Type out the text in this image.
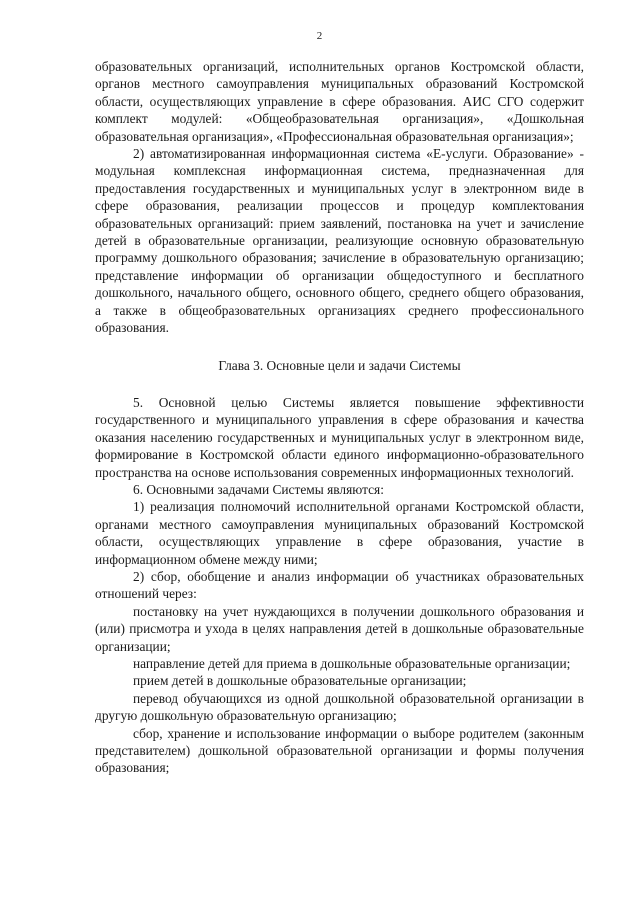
2

образовательных организаций, исполнительных органов Костромской области, органов местного самоуправления муниципальных образований Костромской области, осуществляющих управление в сфере образования. АИС СГО содержит комплект модулей: «Общеобразовательная организация», «Дошкольная образовательная организация», «Профессиональная образовательная организация»;

2) автоматизированная информационная система «Е-услуги. Образование» - модульная комплексная информационная система, предназначенная для предоставления государственных и муниципальных услуг в электронном виде в сфере образования, реализации процессов и процедур комплектования образовательных организаций: прием заявлений, постановка на учет и зачисление детей в образовательные организации, реализующие основную образовательную программу дошкольного образования; зачисление в образовательную организацию; представление информации об организации общедоступного и бесплатного дошкольного, начального общего, основного общего, среднего общего образования, а также в общеобразовательных организациях среднего профессионального образования.

Глава 3. Основные цели и задачи Системы

5. Основной целью Системы является повышение эффективности государственного и муниципального управления в сфере образования и качества оказания населению государственных и муниципальных услуг в электронном виде, формирование в Костромской области единого информационно-образовательного пространства на основе использования современных информационных технологий.

6. Основными задачами Системы являются:

1) реализация полномочий исполнительной органами Костромской области, органами местного самоуправления муниципальных образований Костромской области, осуществляющих управление в сфере образования, участие в информационном обмене между ними;

2) сбор, обобщение и анализ информации об участниках образовательных отношений через:

постановку на учет нуждающихся в получении дошкольного образования и (или) присмотра и ухода в целях направления детей в дошкольные образовательные организации;

направление детей для приема в дошкольные образовательные организации;

прием детей в дошкольные образовательные организации;

перевод обучающихся из одной дошкольной образовательной организации в другую дошкольную образовательную организацию;

сбор, хранение и использование информации о выборе родителем (законным представителем) дошкольной образовательной организации и формы получения образования;
